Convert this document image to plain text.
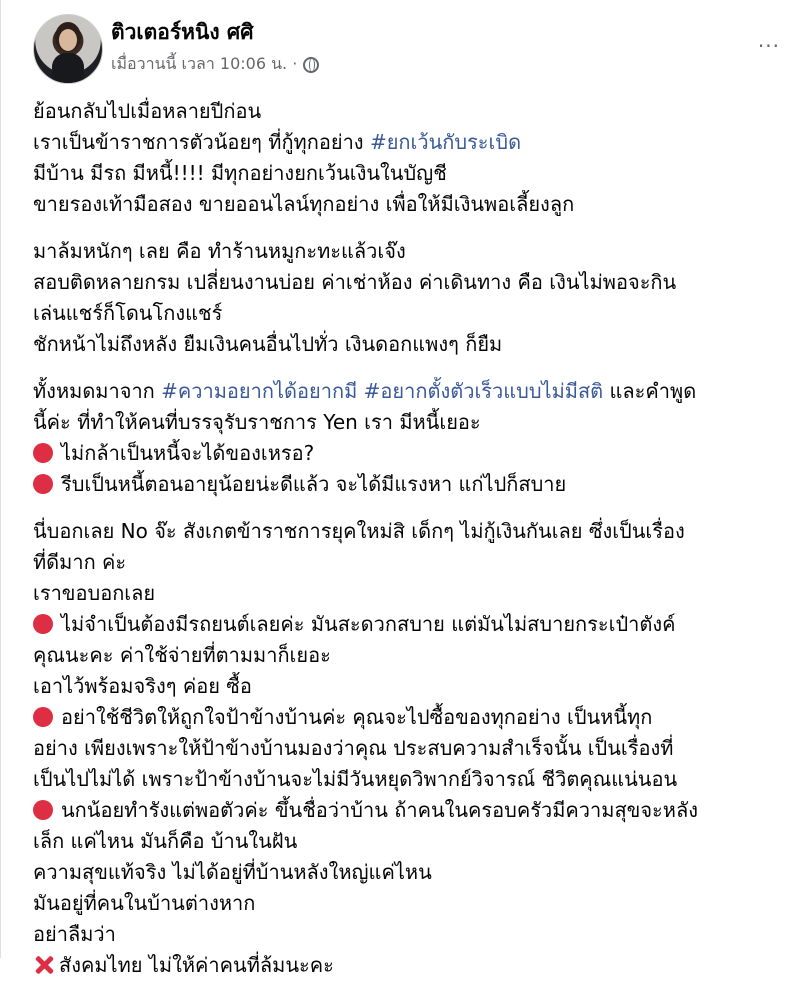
ติวเตอร์หนิง ศศิ
เมื่อวานนี้ เวลา 10:06 น. ·
···
ย้อนกลับไปเมื่อหลายปีก่อน
เราเป็นข้าราชการตัวน้อยๆ ที่กู้ทุกอย่าง #ยกเว้นกับระเบิด
มีบ้าน มีรถ มีหนี้!!!! มีทุกอย่างยกเว้นเงินในบัญชี
ขายรองเท้ามือสอง ขายออนไลน์ทุกอย่าง เพื่อให้มีเงินพอเลี้ยงลูก
มาล้มหนักๆ เลย คือ ทำร้านหมูกะทะแล้วเจ๊ง
สอบติดหลายกรม เปลี่ยนงานบ่อย ค่าเช่าห้อง ค่าเดินทาง คือ เงินไม่พอจะกิน
เล่นแชร์ก็โดนโกงแชร์
ชักหน้าไม่ถึงหลัง ยืมเงินคนอื่นไปทั่ว เงินดอกแพงๆ ก็ยืม
ทั้งหมดมาจาก #ความอยากได้อยากมี #อยากตั้งตัวเร็วแบบไม่มีสติ และคำพูด
นี้ค่ะ ที่ทำให้คนที่บรรจุรับราชการ Yen เรา มีหนี้เยอะ
ไม่กล้าเป็นหนี้จะได้ของเหรอ?
รีบเป็นหนี้ตอนอายุน้อยน่ะดีแล้ว จะได้มีแรงหา แก่ไปก็สบาย
นี่บอกเลย No จ๊ะ สังเกตข้าราชการยุคใหม่สิ เด็กๆ ไม่กู้เงินกันเลย ซึ่งเป็นเรื่อง
ที่ดีมาก ค่ะ
เราขอบอกเลย
ไม่จำเป็นต้องมีรถยนต์เลยค่ะ มันสะดวกสบาย แต่มันไม่สบายกระเป๋าตังค์
คุณนะคะ ค่าใช้จ่ายที่ตามมาก็เยอะ
เอาไว้พร้อมจริงๆ ค่อย ซื้อ
อย่าใช้ชีวิตให้ถูกใจป้าข้างบ้านค่ะ คุณจะไปซื้อของทุกอย่าง เป็นหนี้ทุก
อย่าง เพียงเพราะให้ป้าข้างบ้านมองว่าคุณ ประสบความสำเร็จนั้น เป็นเรื่องที่
เป็นไปไม่ได้ เพราะป้าข้างบ้านจะไม่มีวันหยุดวิพากย์วิจารณ์ ชีวิตคุณแน่นอน
นกน้อยทำรังแต่พอตัวค่ะ ขึ้นชื่อว่าบ้าน ถ้าคนในครอบครัวมีความสุขจะหลัง
เล็ก แค่ไหน มันก็คือ บ้านในฝัน
ความสุขแท้จริง ไม่ได้อยู่ที่บ้านหลังใหญ่แค่ไหน
มันอยู่ที่คนในบ้านต่างหาก
อย่าลืมว่า
สังคมไทย ไม่ให้ค่าคนที่ล้มนะคะ
